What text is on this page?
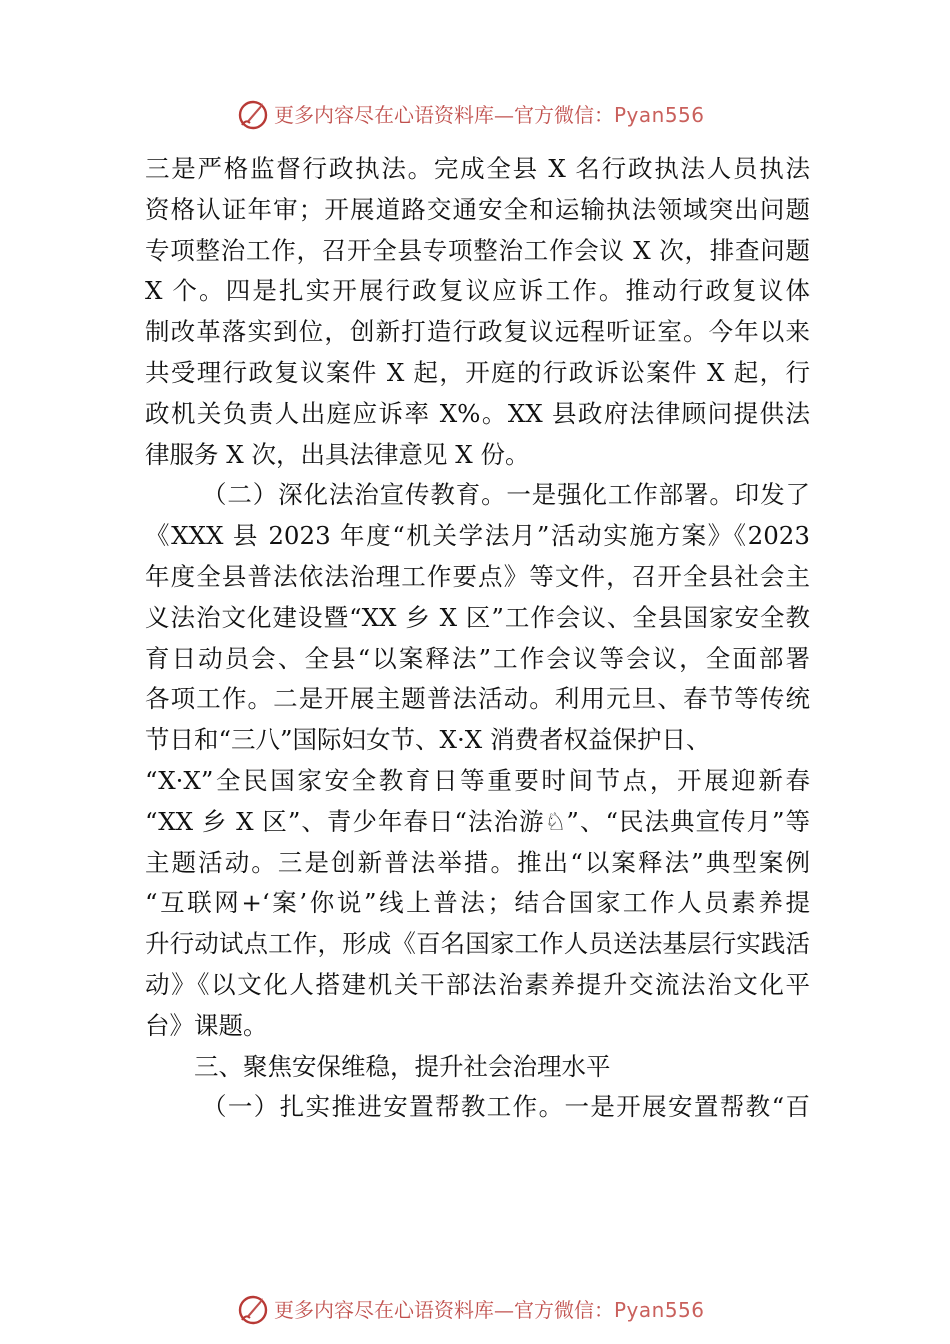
更多内容尽在心语资料库—官方微信：Pyan556
三是严格监督行政执法。完成全县 X 名行政执法人员执法
资格认证年审；开展道路交通安全和运输执法领域突出问题
专项整治工作，召开全县专项整治工作会议 X 次，排查问题
X 个。四是扎实开展行政复议应诉工作。推动行政复议体
制改革落实到位，创新打造行政复议远程听证室。今年以来
共受理行政复议案件 X 起，开庭的行政诉讼案件 X 起，行
政机关负责人出庭应诉率 X%。XX 县政府法律顾问提供法
律服务 X 次，出具法律意见 X 份。
（二）深化法治宣传教育。一是强化工作部署。印发了
《XXX 县 2023 年度“机关学法月”活动实施方案》《2023
年度全县普法依法治理工作要点》等文件，召开全县社会主
义法治文化建设暨“XX 乡 X 区”工作会议、全县国家安全教
育日动员会、全县“以案释法”工作会议等会议，全面部署
各项工作。二是开展主题普法活动。利用元旦、春节等传统
节日和“三八”国际妇女节、X·X 消费者权益保护日、
“X·X”全民国家安全教育日等重要时间节点，开展迎新春
“XX 乡 X 区”、青少年春日“法治游♘”、“民法典宣传月”等
主题活动。三是创新普法举措。推出“以案释法”典型案例
“互联网+‘案’你说”线上普法；结合国家工作人员素养提
升行动试点工作，形成《百名国家工作人员送法基层行实践活
动》《以文化人搭建机关干部法治素养提升交流法治文化平
台》课题。
三、聚焦安保维稳，提升社会治理水平
（一）扎实推进安置帮教工作。一是开展安置帮教“百
更多内容尽在心语资料库—官方微信：Pyan556
